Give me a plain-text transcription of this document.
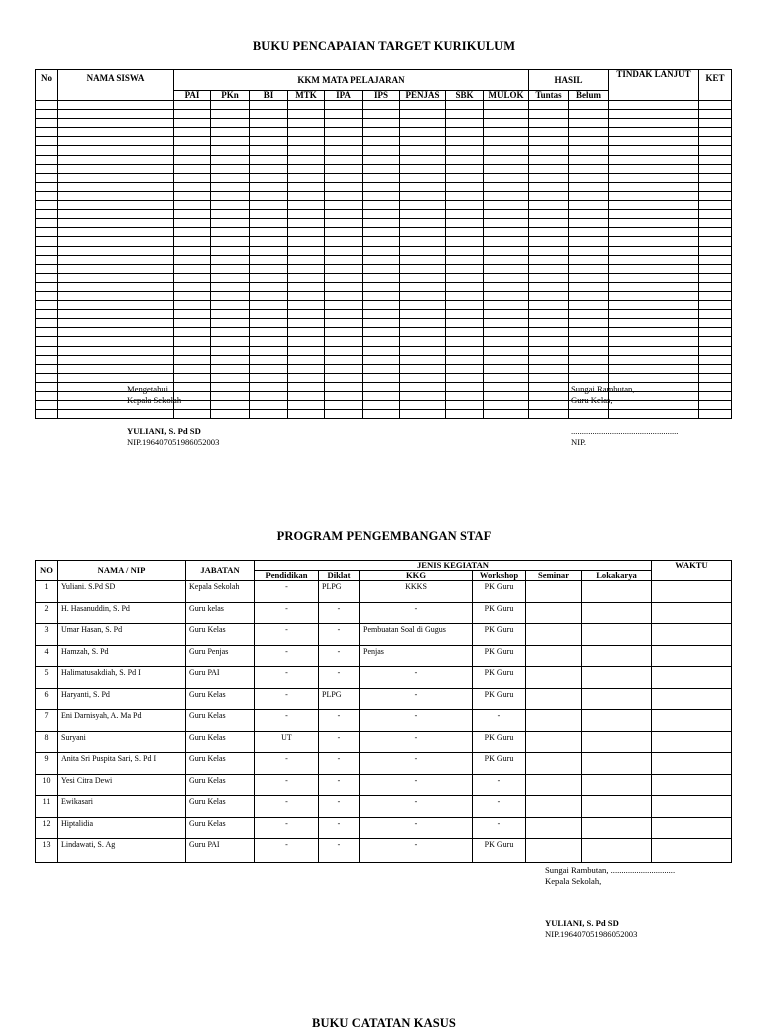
BUKU PENCAPAIAN TARGET KURIKULUM
No	NAMA SISWA	KKM MATA PELAJARAN									HASIL		TINDAK LANJUT	KET
		PAI	PKn	BI	MTK	IPA	IPS	PENJAS	SBK	MULOK	Tuntas	Belum		

Mengetahui
Kepala Sekolah
YULIANI, S. Pd SD
NIP.196407051986052003
Sungai Rambutan, ........................
Guru Kelas,
..................................................
NIP.
PROGRAM PENGEMBANGAN STAF
NO	NAMA / NIP	JABATAN	JENIS KEGIATAN						WAKTU
			Pendidikan	Diklat	KKG	Workshop	Seminar	Lokakarya	
1	Yuliani. S.Pd SD	Kepala Sekolah	-	PLPG	KKKS	PK Guru			
2	H. Hasanuddin, S. Pd	Guru kelas	-	-	-	PK Guru			
3	Umar Hasan, S. Pd	Guru Kelas	-	-	Pembuatan Soal di Gugus	PK Guru			
4	Hamzah, S. Pd	Guru Penjas	-	-	Penjas	PK Guru			
5	Halimatusakdiah, S. Pd I	Guru PAI	-	-	-	PK Guru			
6	Haryanti, S. Pd	Guru Kelas	-	PLPG	-	PK Guru			
7	Eni Darnisyah, A. Ma Pd	Guru Kelas	-	-	-	-			
8	Suryani	Guru Kelas	UT	-	-	PK Guru			
9	Anita Sri Puspita Sari, S. Pd I	Guru Kelas	-	-	-	PK Guru			
10	Yesi Citra Dewi	Guru Kelas	-	-	-	-			
11	Ewikasari	Guru Kelas	-	-	-	-			
12	Hiptalidia	Guru Kelas	-	-	-	-			
13	Lindawati, S. Ag	Guru PAI	-	-	-	PK Guru			
Sungai Rambutan, ..............................
Kepala Sekolah,
YULIANI, S. Pd SD
NIP.196407051986052003
BUKU CATATAN KASUS
